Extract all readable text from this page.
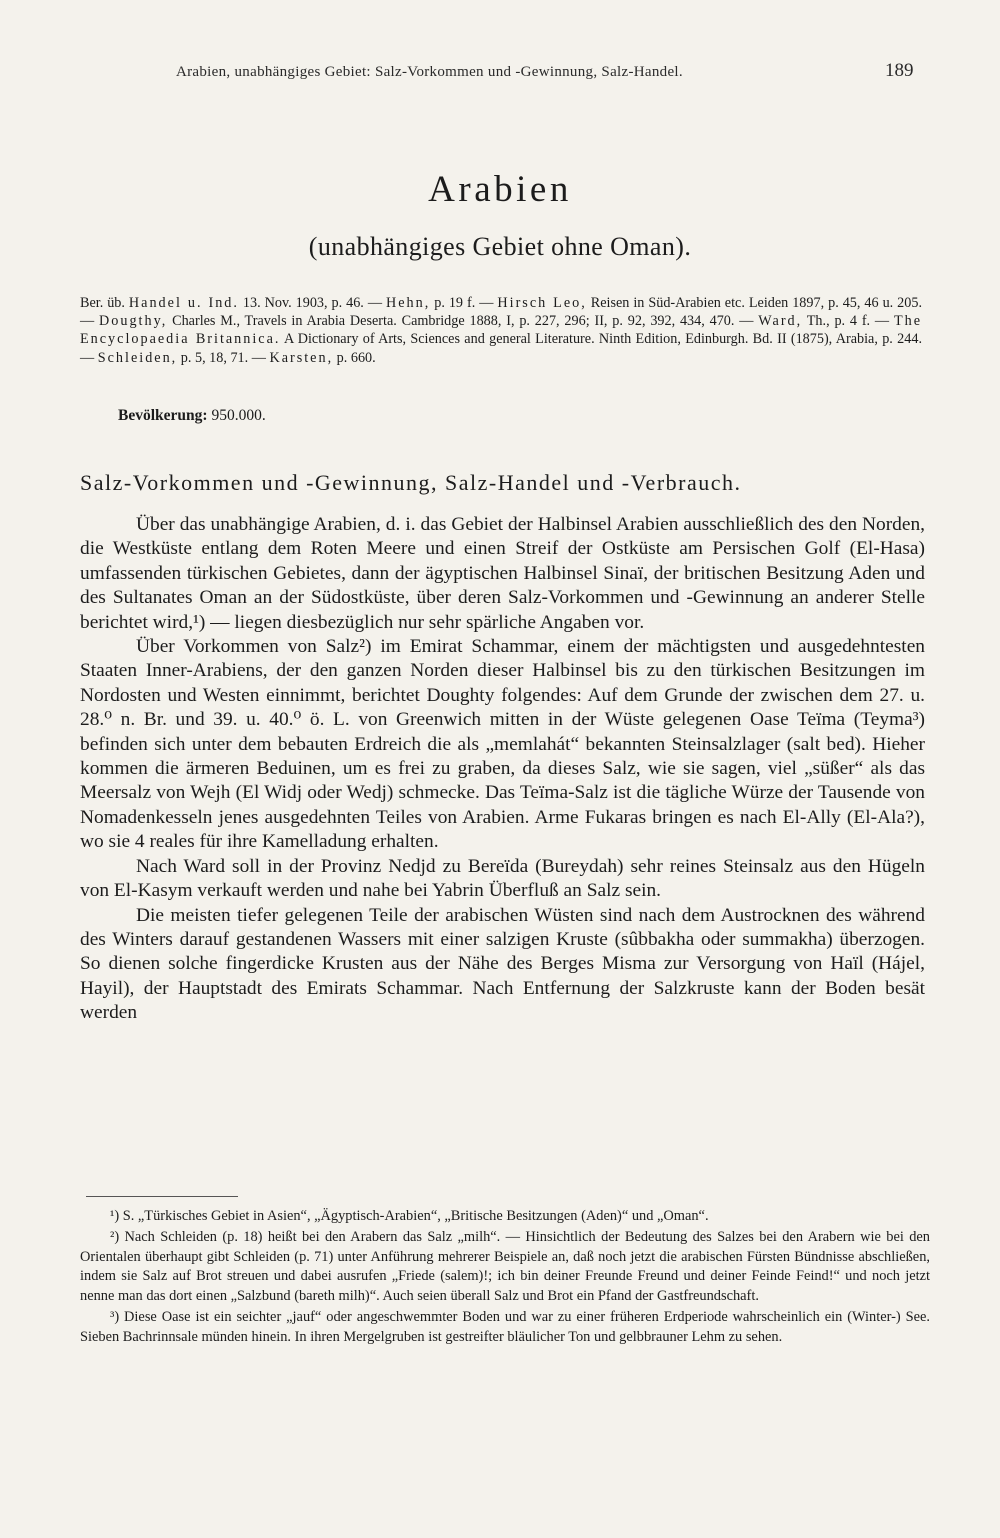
Arabien, unabhängiges Gebiet: Salz-Vorkommen und -Gewinnung, Salz-Handel.	189
Arabien
(unabhängiges Gebiet ohne Oman).
Ber. üb. Handel u. Ind. 13. Nov. 1903, p. 46. — Hehn, p. 19 f. — Hirsch Leo, Reisen in Süd-Arabien etc. Leiden 1897, p. 45, 46 u. 205. — Dougthy, Charles M., Travels in Arabia Deserta. Cambridge 1888, I, p. 227, 296; II, p. 92, 392, 434, 470. — Ward, Th., p. 4 f. — The Encyclopaedia Britannica. A Dictionary of Arts, Sciences and general Literature. Ninth Edition, Edinburgh. Bd. II (1875), Arabia, p. 244. — Schleiden, p. 5, 18, 71. — Karsten, p. 660.
Bevölkerung: 950.000.
Salz-Vorkommen und -Gewinnung, Salz-Handel und -Verbrauch.

Über das unabhängige Arabien, d. i. das Gebiet der Halbinsel Arabien ausschließlich des den Norden, die Westküste entlang dem Roten Meere und einen Streif der Ostküste am Persischen Golf (El-Hasa) umfassenden türkischen Gebietes, dann der ägyptischen Halbinsel Sinaï, der britischen Besitzung Aden und des Sultanates Oman an der Südostküste, über deren Salz-Vorkommen und -Gewinnung an anderer Stelle berichtet wird,¹) — liegen diesbezüglich nur sehr spärliche Angaben vor.

Über Vorkommen von Salz²) im Emirat Schammar, einem der mächtigsten und ausgedehntesten Staaten Inner-Arabiens, der den ganzen Norden dieser Halbinsel bis zu den türkischen Besitzungen im Nordosten und Westen einnimmt, berichtet Doughty folgendes: Auf dem Grunde der zwischen dem 27. u. 28.⁰ n. Br. und 39. u. 40.⁰ ö. L. von Greenwich mitten in der Wüste gelegenen Oase Teïma (Teyma³) befinden sich unter dem bebauten Erdreich die als „memlahát“ bekannten Steinsalzlager (salt bed). Hieher kommen die ärmeren Beduinen, um es frei zu graben, da dieses Salz, wie sie sagen, viel „süßer“ als das Meersalz von Wejh (El Widj oder Wedj) schmecke. Das Teïma-Salz ist die tägliche Würze der Tausende von Nomadenkesseln jenes ausgedehnten Teiles von Arabien. Arme Fukaras bringen es nach El-Ally (El-Ala?), wo sie 4 reales für ihre Kamelladung erhalten.

Nach Ward soll in der Provinz Nedjd zu Bereïda (Bureydah) sehr reines Steinsalz aus den Hügeln von El-Kasym verkauft werden und nahe bei Yabrin Überfluß an Salz sein.

Die meisten tiefer gelegenen Teile der arabischen Wüsten sind nach dem Austrocknen des während des Winters darauf gestandenen Wassers mit einer salzigen Kruste (sûbbakha oder summakha) überzogen. So dienen solche fingerdicke Krusten aus der Nähe des Berges Misma zur Versorgung von Haïl (Hájel, Hayil), der Hauptstadt des Emirats Schammar. Nach Entfernung der Salzkruste kann der Boden besät werden

¹) S. „Türkisches Gebiet in Asien“, „Ägyptisch-Arabien“, „Britische Besitzungen (Aden)“ und „Oman“.

²) Nach Schleiden (p. 18) heißt bei den Arabern das Salz „milh“. — Hinsichtlich der Bedeutung des Salzes bei den Arabern wie bei den Orientalen überhaupt gibt Schleiden (p. 71) unter Anführung mehrerer Beispiele an, daß noch jetzt die arabischen Fürsten Bündnisse abschließen, indem sie Salz auf Brot streuen und dabei ausrufen „Friede (salem)!; ich bin deiner Freunde Freund und deiner Feinde Feind!“ und noch jetzt nenne man das dort einen „Salzbund (bareth milh)“. Auch seien überall Salz und Brot ein Pfand der Gastfreundschaft.

³) Diese Oase ist ein seichter „jauf“ oder angeschwemmter Boden und war zu einer früheren Erdperiode wahrscheinlich ein (Winter-) See. Sieben Bachrinnsale münden hinein. In ihren Mergelgruben ist gestreifter bläulicher Ton und gelbbrauner Lehm zu sehen.
